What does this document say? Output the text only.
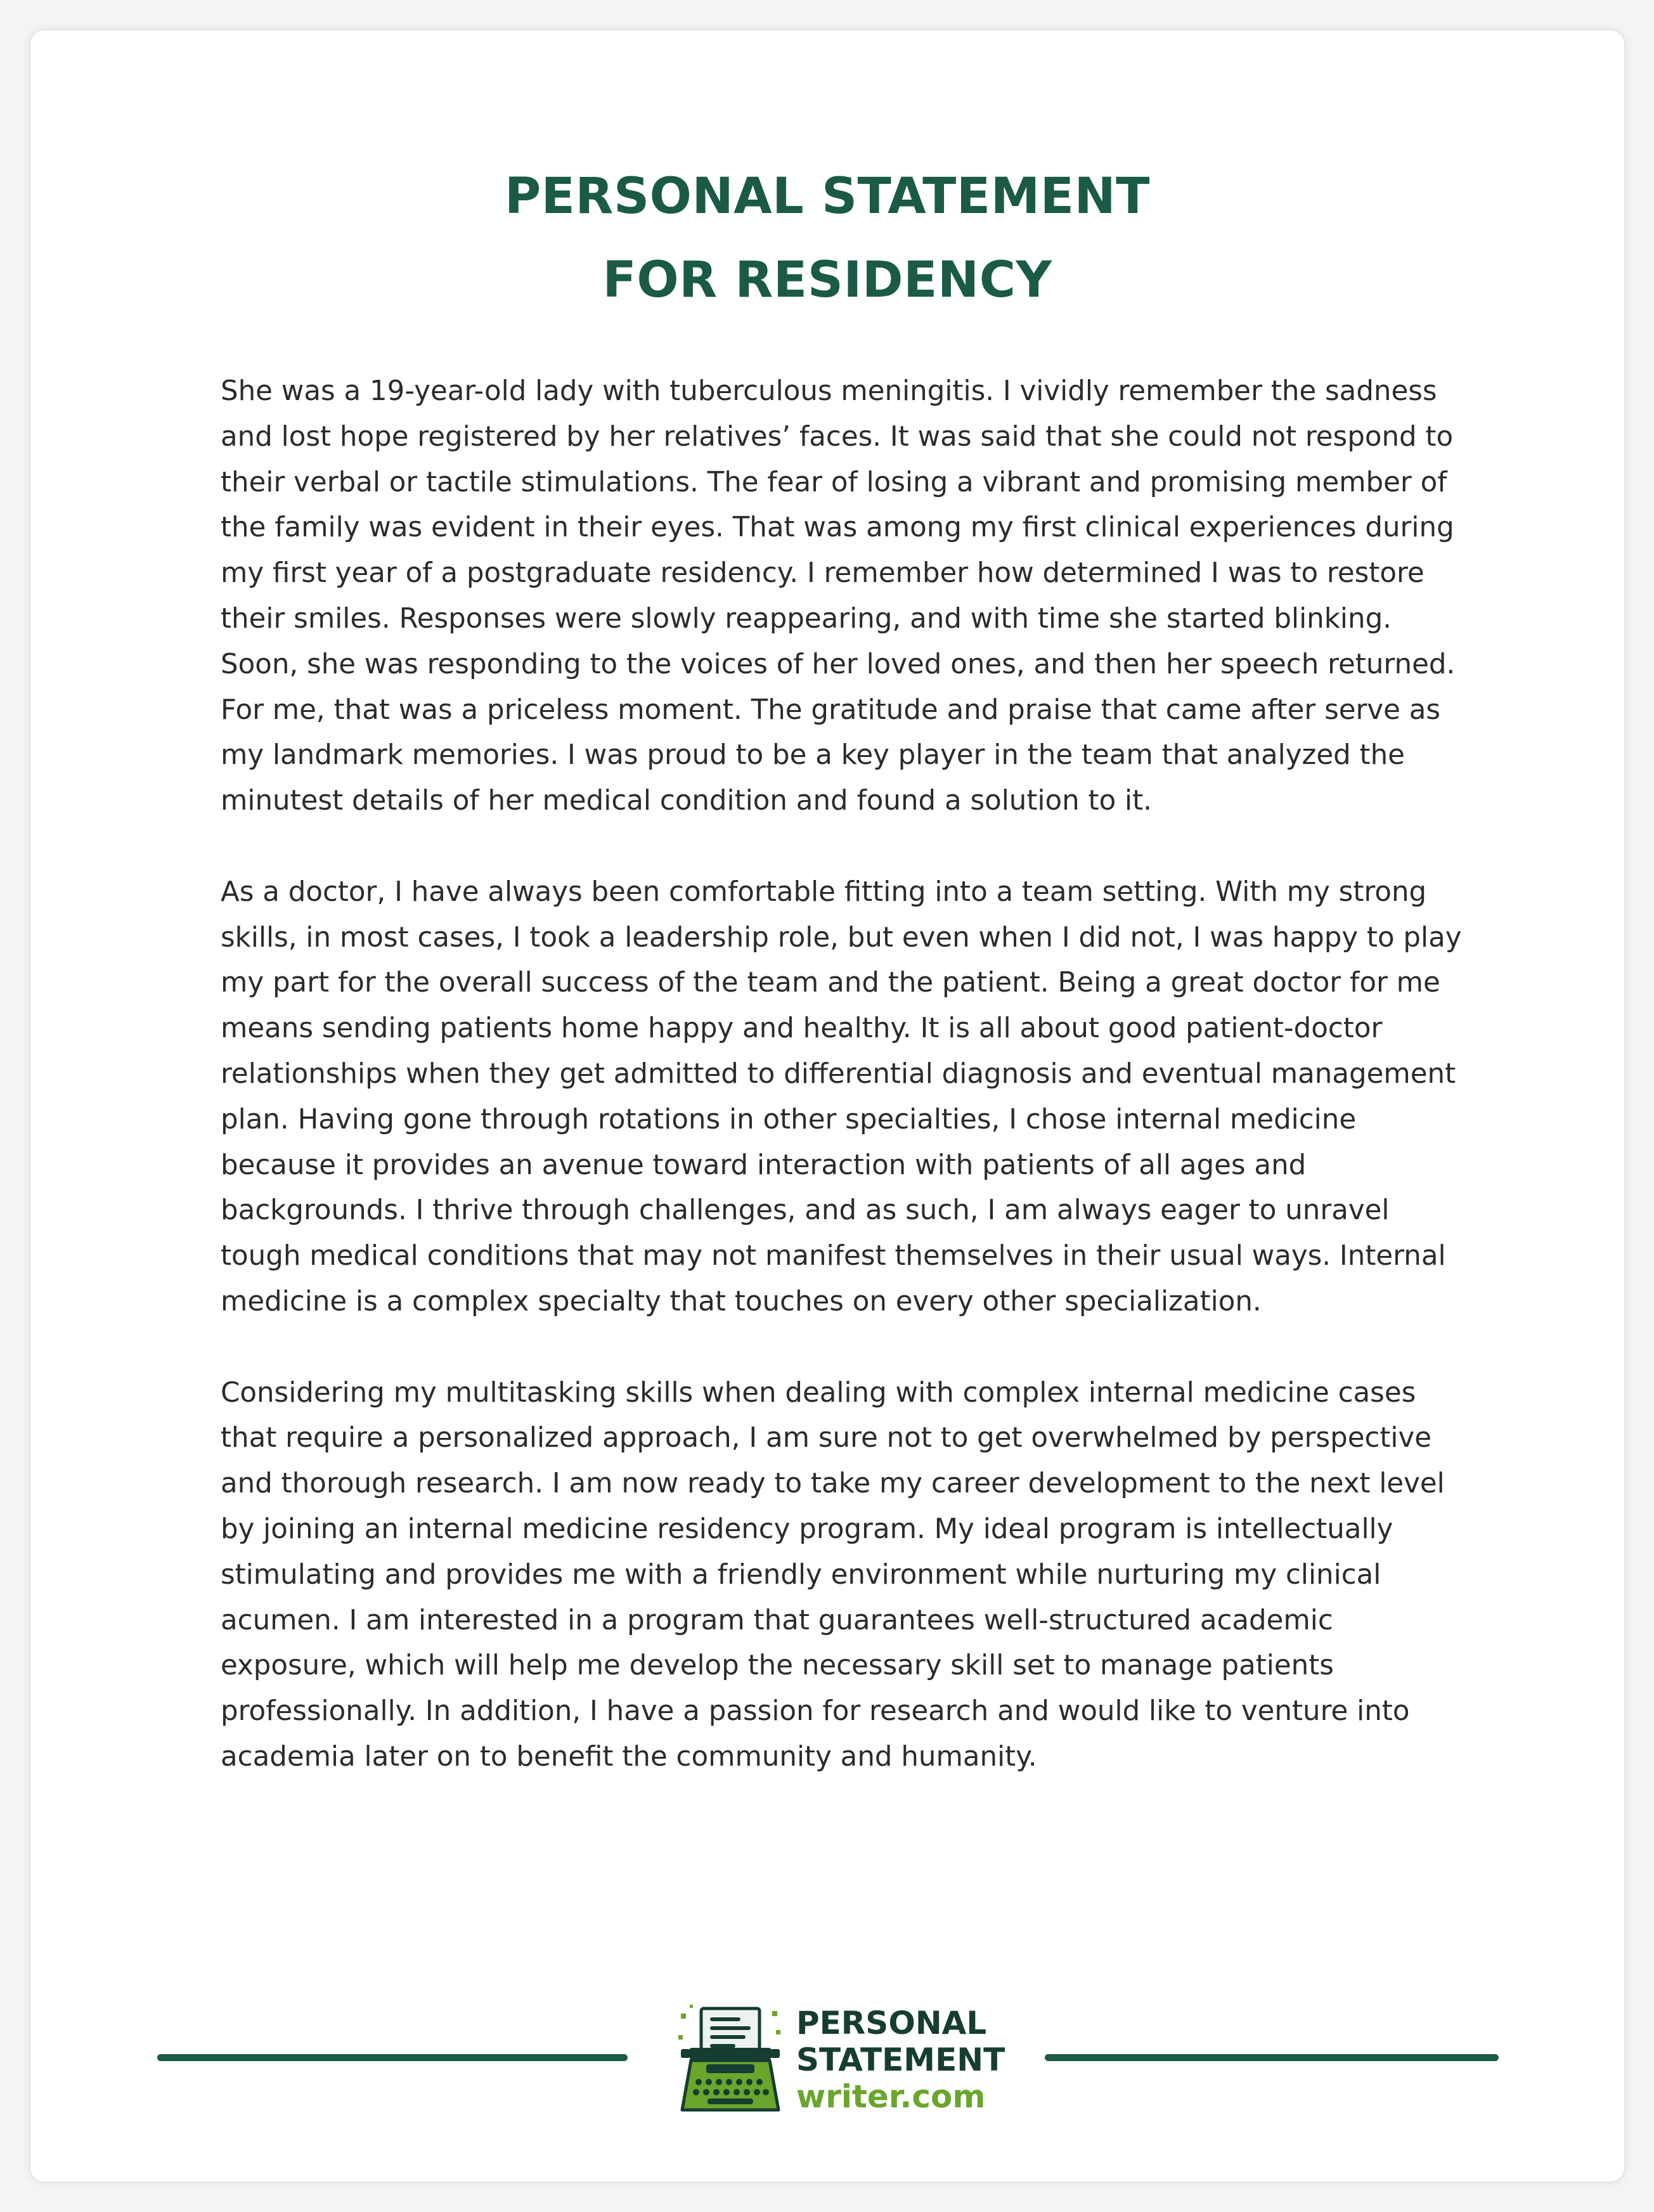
PERSONAL STATEMENT
FOR RESIDENCY

She was a 19-year-old lady with tuberculous meningitis. I vividly remember the sadness and lost hope registered by her relatives’ faces. It was said that she could not respond to their verbal or tactile stimulations. The fear of losing a vibrant and promising member of the family was evident in their eyes. That was among my first clinical experiences during my first year of a postgraduate residency. I remember how determined I was to restore their smiles. Responses were slowly reappearing, and with time she started blinking. Soon, she was responding to the voices of her loved ones, and then her speech returned. For me, that was a priceless moment. The gratitude and praise that came after serve as my landmark memories. I was proud to be a key player in the team that analyzed the minutest details of her medical condition and found a solution to it.

As a doctor, I have always been comfortable fitting into a team setting. With my strong skills, in most cases, I took a leadership role, but even when I did not, I was happy to play my part for the overall success of the team and the patient. Being a great doctor for me means sending patients home happy and healthy. It is all about good patient-doctor relationships when they get admitted to differential diagnosis and eventual management plan. Having gone through rotations in other specialties, I chose internal medicine because it provides an avenue toward interaction with patients of all ages and backgrounds. I thrive through challenges, and as such, I am always eager to unravel tough medical conditions that may not manifest themselves in their usual ways. Internal medicine is a complex specialty that touches on every other specialization.

Considering my multitasking skills when dealing with complex internal medicine cases that require a personalized approach, I am sure not to get overwhelmed by perspective and thorough research. I am now ready to take my career development to the next level by joining an internal medicine residency program. My ideal program is intellectually stimulating and provides me with a friendly environment while nurturing my clinical acumen. I am interested in a program that guarantees well-structured academic exposure, which will help me develop the necessary skill set to manage patients professionally. In addition, I have a passion for research and would like to venture into academia later on to benefit the community and humanity.

PERSONAL
STATEMENT
writer.com
